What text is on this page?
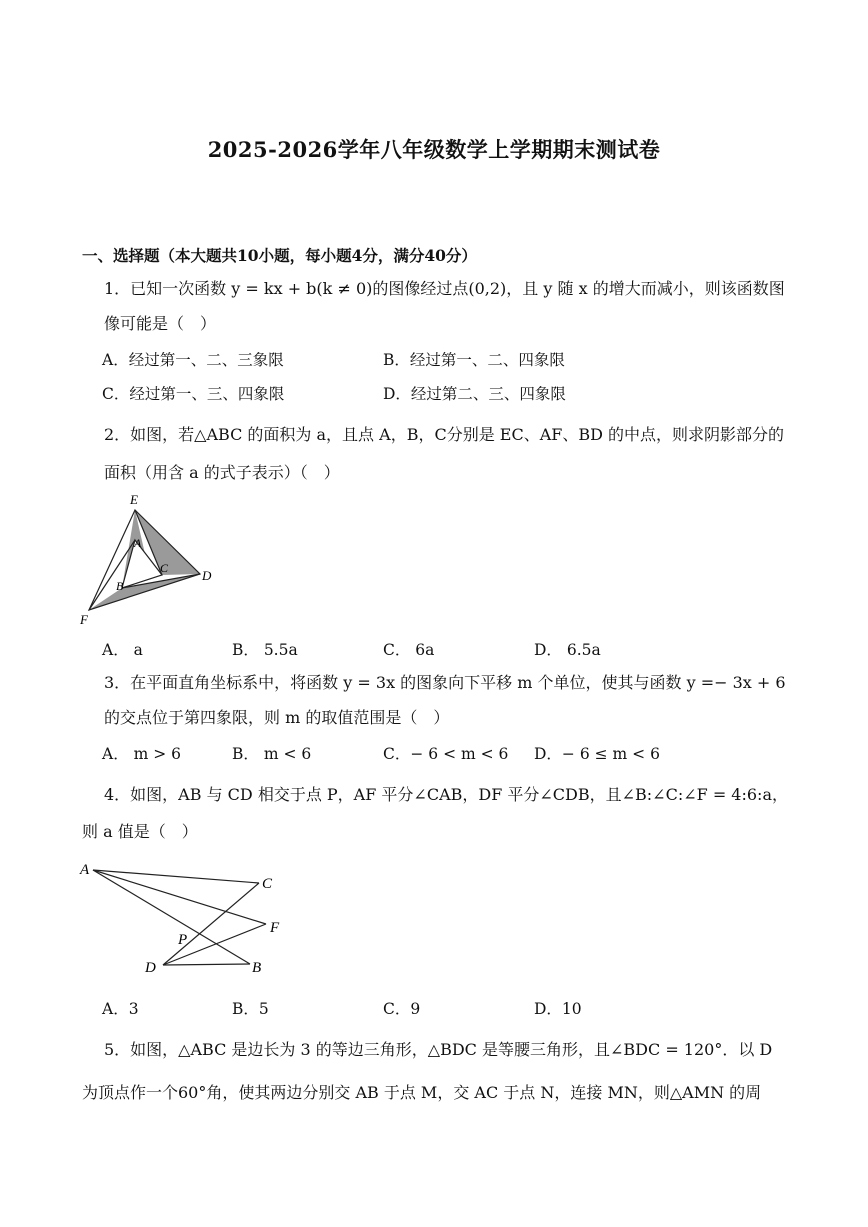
2025-2026学年八年级数学上学期期末测试卷
一、选择题（本大题共10小题，每小题4分，满分40分）
1．已知一次函数 y = kx + b(k ≠ 0)的图像经过点(0,2)，且 y 随 x 的增大而减小，则该函数图
像可能是（　）
A．经过第一、二、三象限	B．经过第一、二、四象限
C．经过第一、三、四象限	D．经过第二、三、四象限
2．如图，若△ABC 的面积为 a，且点 A，B，C分别是 EC、AF、BD 的中点，则求阴影部分的
面积（用含 a 的式子表示）（　）
E
A
C	D
B
F
A． a	B． 5.5a	C． 6a	D． 6.5a
3．在平面直角坐标系中，将函数 y = 3x 的图象向下平移 m 个单位，使其与函数 y =− 3x + 6
的交点位于第四象限，则 m 的取值范围是（　）
A． m > 6	B． m < 6	C．− 6 < m < 6 D．− 6 ≤ m < 6
4．如图，AB 与 CD 相交于点 P，AF 平分∠CAB，DF 平分∠CDB，且∠B:∠C:∠F = 4:6:a，
则 a 值是（　）
A
C
F
P
D	B
A．3	B．5	C．9	D．10
5．如图，△ABC 是边长为 3 的等边三角形，△BDC 是等腰三角形，且∠BDC = 120°．以 D
为顶点作一个60°角，使其两边分别交 AB 于点 M，交 AC 于点 N，连接 MN，则△AMN 的周
